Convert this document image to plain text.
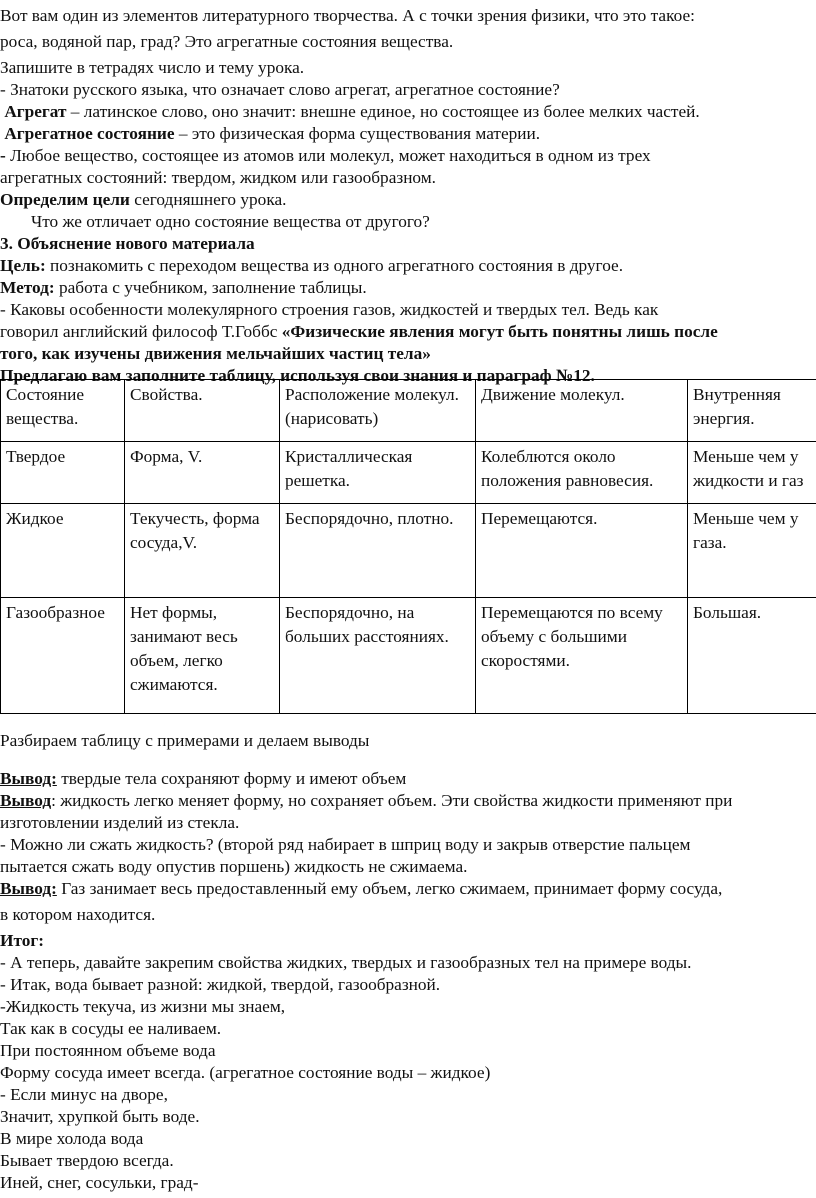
Вот вам один из элементов литературного творчества. А с точки зрения физики, что это такое:

роса, водяной пар, град? Это агрегатные состояния вещества.

Запишите в тетрадях число и тему урока.

- Знатоки русского языка, что означает слово агрегат, агрегатное состояние?

Агрегат – латинское слово, оно значит: внешне единое, но состоящее из более мелких частей.

Агрегатное состояние – это физическая форма существования материи.

- Любое вещество, состоящее из атомов или молекул, может находиться в одном из трех

агрегатных состояний: твердом, жидком или газообразном.

Определим цели сегодняшнего урока.

Что же отличает одно состояние вещества от другого?

3. Объяснение нового материала

Цель: познакомить с переходом вещества из одного агрегатного состояния в другое.

Метод: работа с учебником, заполнение таблицы.

- Каковы особенности молекулярного строения газов, жидкостей и твердых тел. Ведь как

говорил английский философ Т.Гоббс «Физические явления могут быть понятны лишь после

того, как изучены движения мельчайших частиц тела»

Предлагаю вам заполните таблицу, используя свои знания и параграф №12.

Состояние вещества.	Свойства.	Расположение молекул.(нарисовать)	Движение молекул.	Внутренняя энергия.
Твердое	Форма, V.	Кристаллическая решетка.	Колеблются около положения равновесия.	Меньше чем у жидкости и газ
Жидкое	Текучесть, форма сосуда,V.	Беспорядочно, плотно.	Перемещаются.	Меньше чем у газа.
Газообразное	Нет формы, занимают весь объем, легко сжимаются.	Беспорядочно, на больших расстояниях.	Перемещаются по всему объему с большими скоростями.	Большая.

Разбираем таблицу с примерами и делаем выводы

Вывод: твердые тела сохраняют форму и имеют объем

Вывод: жидкость легко меняет форму, но сохраняет объем. Эти свойства жидкости применяют при

изготовлении изделий из стекла.

- Можно ли сжать жидкость? (второй ряд набирает в шприц воду и закрыв отверстие пальцем

пытается сжать воду опустив поршень) жидкость не сжимаема.

Вывод: Газ занимает весь предоставленный ему объем, легко сжимаем, принимает форму сосуда,

в котором находится.

Итог:

- А теперь, давайте закрепим свойства жидких, твердых и газообразных тел на примере воды.

- Итак, вода бывает разной: жидкой, твердой, газообразной.

-Жидкость текуча, из жизни мы знаем,

Так как в сосуды ее наливаем.

При постоянном объеме вода

Форму сосуда имеет всегда. (агрегатное состояние воды – жидкое)

- Если минус на дворе,

Значит, хрупкой быть воде.

В мире холода вода

Бывает твердою всегда.

Иней, снег, сосульки, град-
